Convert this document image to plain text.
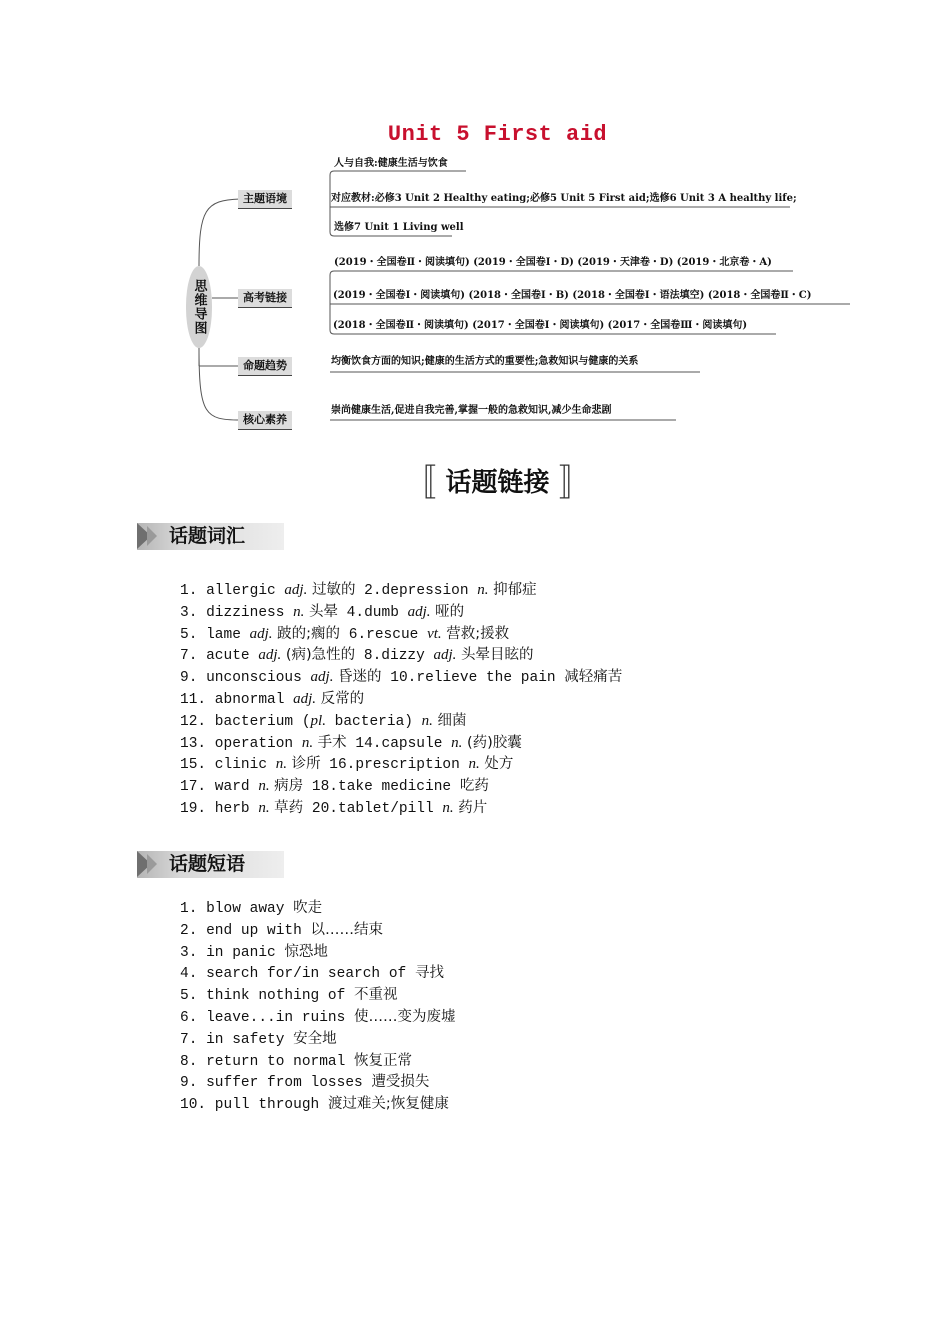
Unit 5 First aid
思维导图
主题语境
高考链接
命题趋势
核心素养
人与自我:健康生活与饮食
对应教材:必修3 Unit 2 Healthy eating;必修5 Unit 5 First aid;选修6 Unit 3 A healthy life;
选修7 Unit 1 Living well
(2019・全国卷Ⅱ・阅读填句) (2019・全国卷Ⅰ・D) (2019・天津卷・D) (2019・北京卷・A)
(2019・全国卷Ⅰ・阅读填句) (2018・全国卷Ⅰ・B) (2018・全国卷Ⅰ・语法填空) (2018・全国卷Ⅱ・C)
(2018・全国卷Ⅱ・阅读填句) (2017・全国卷Ⅰ・阅读填句) (2017・全国卷Ⅲ・阅读填句)
均衡饮食方面的知识;健康的生活方式的重要性;急救知识与健康的关系
崇尚健康生活,促进自我完善,掌握一般的急救知识,减少生命悲剧
〚 话题链接 〛
话题词汇
1. allergic adj. 过敏的 2.depression n. 抑郁症
3. dizziness n. 头晕 4.dumb adj. 哑的
5. lame adj. 跛的;瘸的 6.rescue vt. 营救;援救
7. acute adj. (病)急性的 8.dizzy adj. 头晕目眩的
9. unconscious adj. 昏迷的 10.relieve the pain 减轻痛苦
11. abnormal adj. 反常的
12. bacterium (pl. bacteria) n. 细菌
13. operation n. 手术 14.capsule n. (药)胶囊
15. clinic n. 诊所 16.prescription n. 处方
17. ward n. 病房 18.take medicine 吃药
19. herb n. 草药 20.tablet/pill n. 药片
话题短语
1. blow away 吹走
2. end up with 以……结束
3. in panic 惊恐地
4. search for/in search of 寻找
5. think nothing of 不重视
6. leave...in ruins 使……变为废墟
7. in safety 安全地
8. return to normal 恢复正常
9. suffer from losses 遭受损失
10. pull through 渡过难关;恢复健康
